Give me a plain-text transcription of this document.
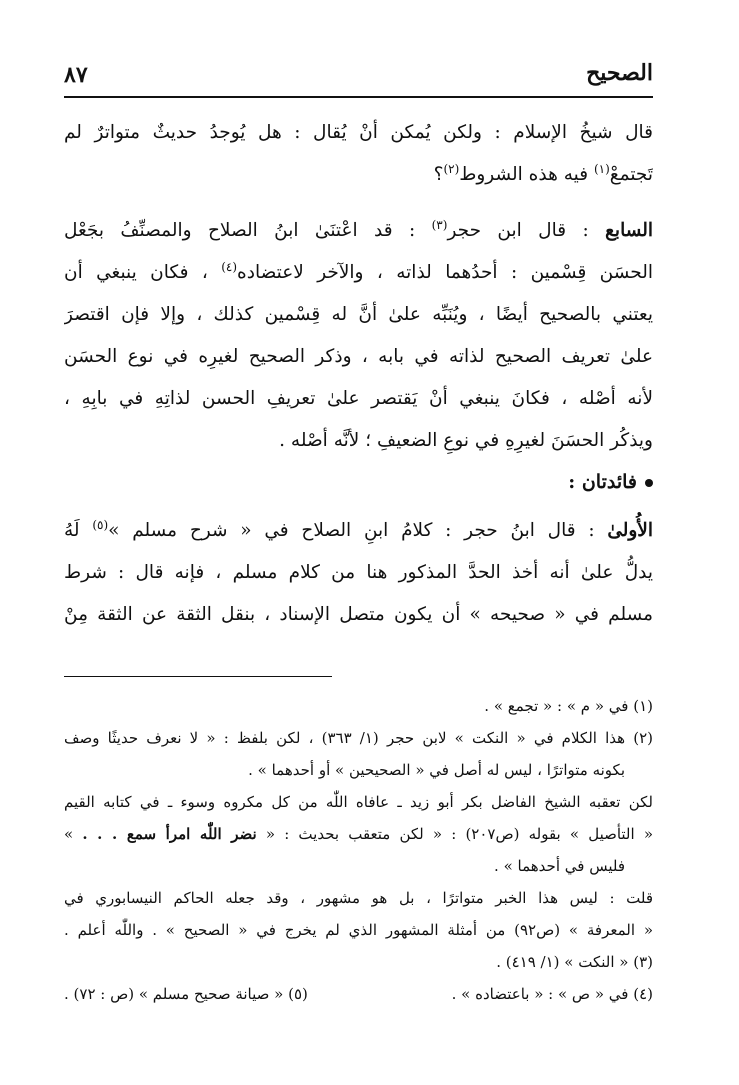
الصحيح
٨٧
قال شيخُ الإسلام : ولكن يُمكن أنْ يُقال : هل يُوجدُ حديثٌ متواترٌ لم
تَجتمعْ$^{(١)}$ فيه هذه الشروط$^{(٢)}$؟
السابع : قال ابن حجر$^{(٣)}$ : قد اعْتنَىٰ ابنُ الصلاح والمصنِّفُ بجَعْل
الحسَن قِسْمين : أحدُهما لذاته ، والآخر لاعتضاده$^{(٤)}$ ، فكان ينبغي أن
يعتني بالصحيح أيضًا ، ويُنَبِّه علىٰ أنَّ له قِسْمين كذلك ، وإلا فإن اقتصرَ
علىٰ تعريف الصحيح لذاته في بابه ، وذكر الصحيح لغيرِه في نوع الحسَن
لأنه أصْله ، فكانَ ينبغي أنْ يَقتصر علىٰ تعريفِ الحسن لذاتِهِ في بابِهِ ،
ويذكُر الحسَنَ لغيرِهِ في نوعِ الضعيفِ ؛ لأنَّه أصْله .
فائدتان :
الأُولىٰ : قال ابنُ حجر : كلامُ ابنِ الصلاح في « شرح مسلم »$^{(٥)}$ لَهُ
يدلُّ علىٰ أنه أخذ الحدَّ المذكور هنا من كلام مسلم ، فإنه قال : شرط
مسلم في « صحيحه » أن يكون متصل الإسناد ، بنقل الثقة عن الثقة مِنْ
(١) في « م » : « تجمع » .
(٢) هذا الكلام في « النكت » لابن حجر (١/ ٣٦٣) ، لكن بلفظ : « لا نعرف حديثًا وصف
بكونه متواترًا ، ليس له أصل في « الصحيحين » أو أحدهما » .
لكن تعقبه الشيخ الفاضل بكر أبو زيد ـ عافاه اللّٰه من كل مكروه وسوء ـ في كتابه القيم
« التأصيل » بقوله (ص٢٠٧) : « لكن متعقب بحديث : « نضر اللّٰه امرأ سمع . . . »
فليس في أحدهما » .
قلت : ليس هذا الخبر متواترًا ، بل هو مشهور ، وقد جعله الحاكم النيسابوري في
« المعرفة » (ص٩٢) من أمثلة المشهور الذي لم يخرج في « الصحيح » . واللّٰه أعلم .
(٣) « النكت » (١/ ٤١٩) .
(٤) في « ص » : « باعتضاده » .
(٥) « صيانة صحيح مسلم » (ص : ٧٢) .
